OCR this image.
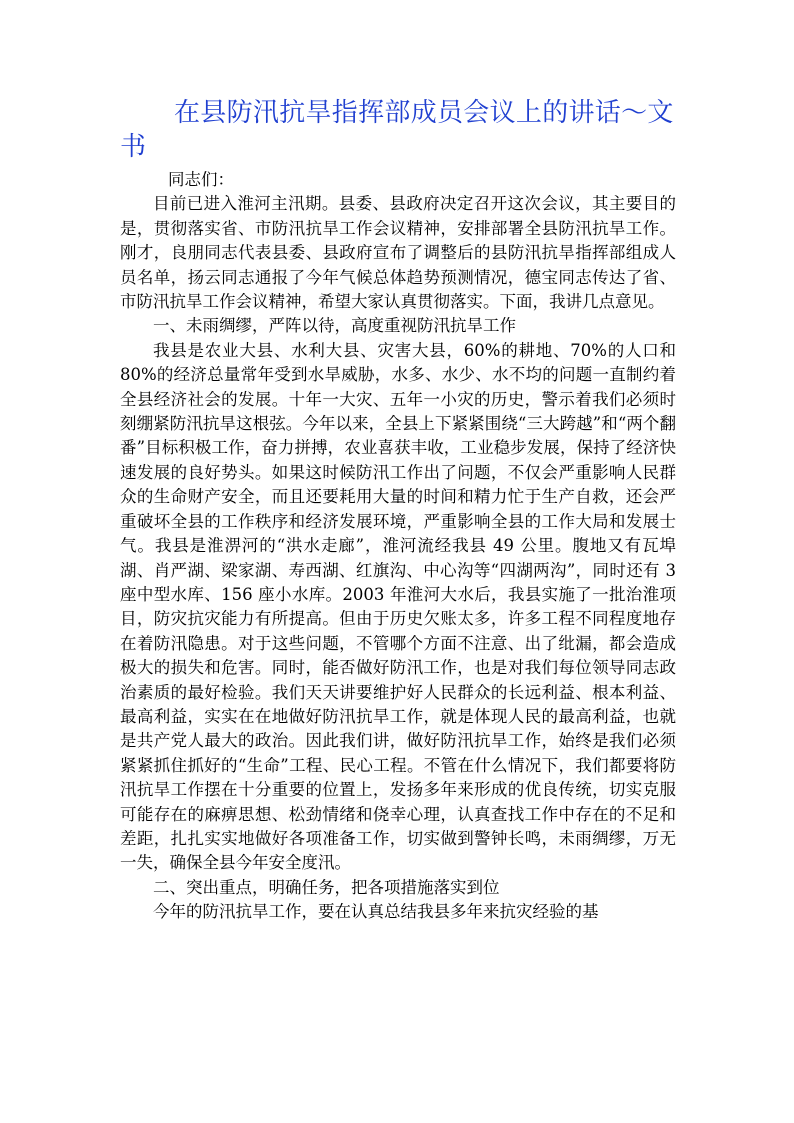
在县防汛抗旱指挥部成员会议上的讲话～文书

同志们：

目前已进入淮河主汛期。县委、县政府决定召开这次会议，其主要目的是，贯彻落实省、市防汛抗旱工作会议精神，安排部署全县防汛抗旱工作。刚才，良朋同志代表县委、县政府宣布了调整后的县防汛抗旱指挥部组成人员名单，扬云同志通报了今年气候总体趋势预测情况，德宝同志传达了省、市防汛抗旱工作会议精神，希望大家认真贯彻落实。下面，我讲几点意见。

一、未雨绸缪，严阵以待，高度重视防汛抗旱工作

我县是农业大县、水利大县、灾害大县，60%的耕地、70%的人口和80%的经济总量常年受到水旱威胁，水多、水少、水不均的问题一直制约着全县经济社会的发展。十年一大灾、五年一小灾的历史，警示着我们必须时刻绷紧防汛抗旱这根弦。今年以来，全县上下紧紧围绕“三大跨越”和“两个翻番”目标积极工作，奋力拼搏，农业喜获丰收，工业稳步发展，保持了经济快速发展的良好势头。如果这时候防汛工作出了问题，不仅会严重影响人民群众的生命财产安全，而且还要耗用大量的时间和精力忙于生产自救，还会严重破坏全县的工作秩序和经济发展环境，严重影响全县的工作大局和发展士气。我县是淮淠河的“洪水走廊”，淮河流经我县 49 公里。腹地又有瓦埠湖、肖严湖、梁家湖、寿西湖、红旗沟、中心沟等“四湖两沟”，同时还有 3 座中型水库、156 座小水库。2003 年淮河大水后，我县实施了一批治淮项目，防灾抗灾能力有所提高。但由于历史欠账太多，许多工程不同程度地存在着防汛隐患。对于这些问题，不管哪个方面不注意、出了纰漏，都会造成极大的损失和危害。同时，能否做好防汛工作，也是对我们每位领导同志政治素质的最好检验。我们天天讲要维护好人民群众的长远利益、根本利益、最高利益，实实在在地做好防汛抗旱工作，就是体现人民的最高利益，也就是共产党人最大的政治。因此我们讲，做好防汛抗旱工作，始终是我们必须紧紧抓住抓好的“生命”工程、民心工程。不管在什么情况下，我们都要将防汛抗旱工作摆在十分重要的位置上，发扬多年来形成的优良传统，切实克服可能存在的麻痹思想、松劲情绪和侥幸心理，认真查找工作中存在的不足和差距，扎扎实实地做好各项准备工作，切实做到警钟长鸣，未雨绸缪，万无一失，确保全县今年安全度汛。

二、突出重点，明确任务，把各项措施落实到位

今年的防汛抗旱工作，要在认真总结我县多年来抗灾经验的基
